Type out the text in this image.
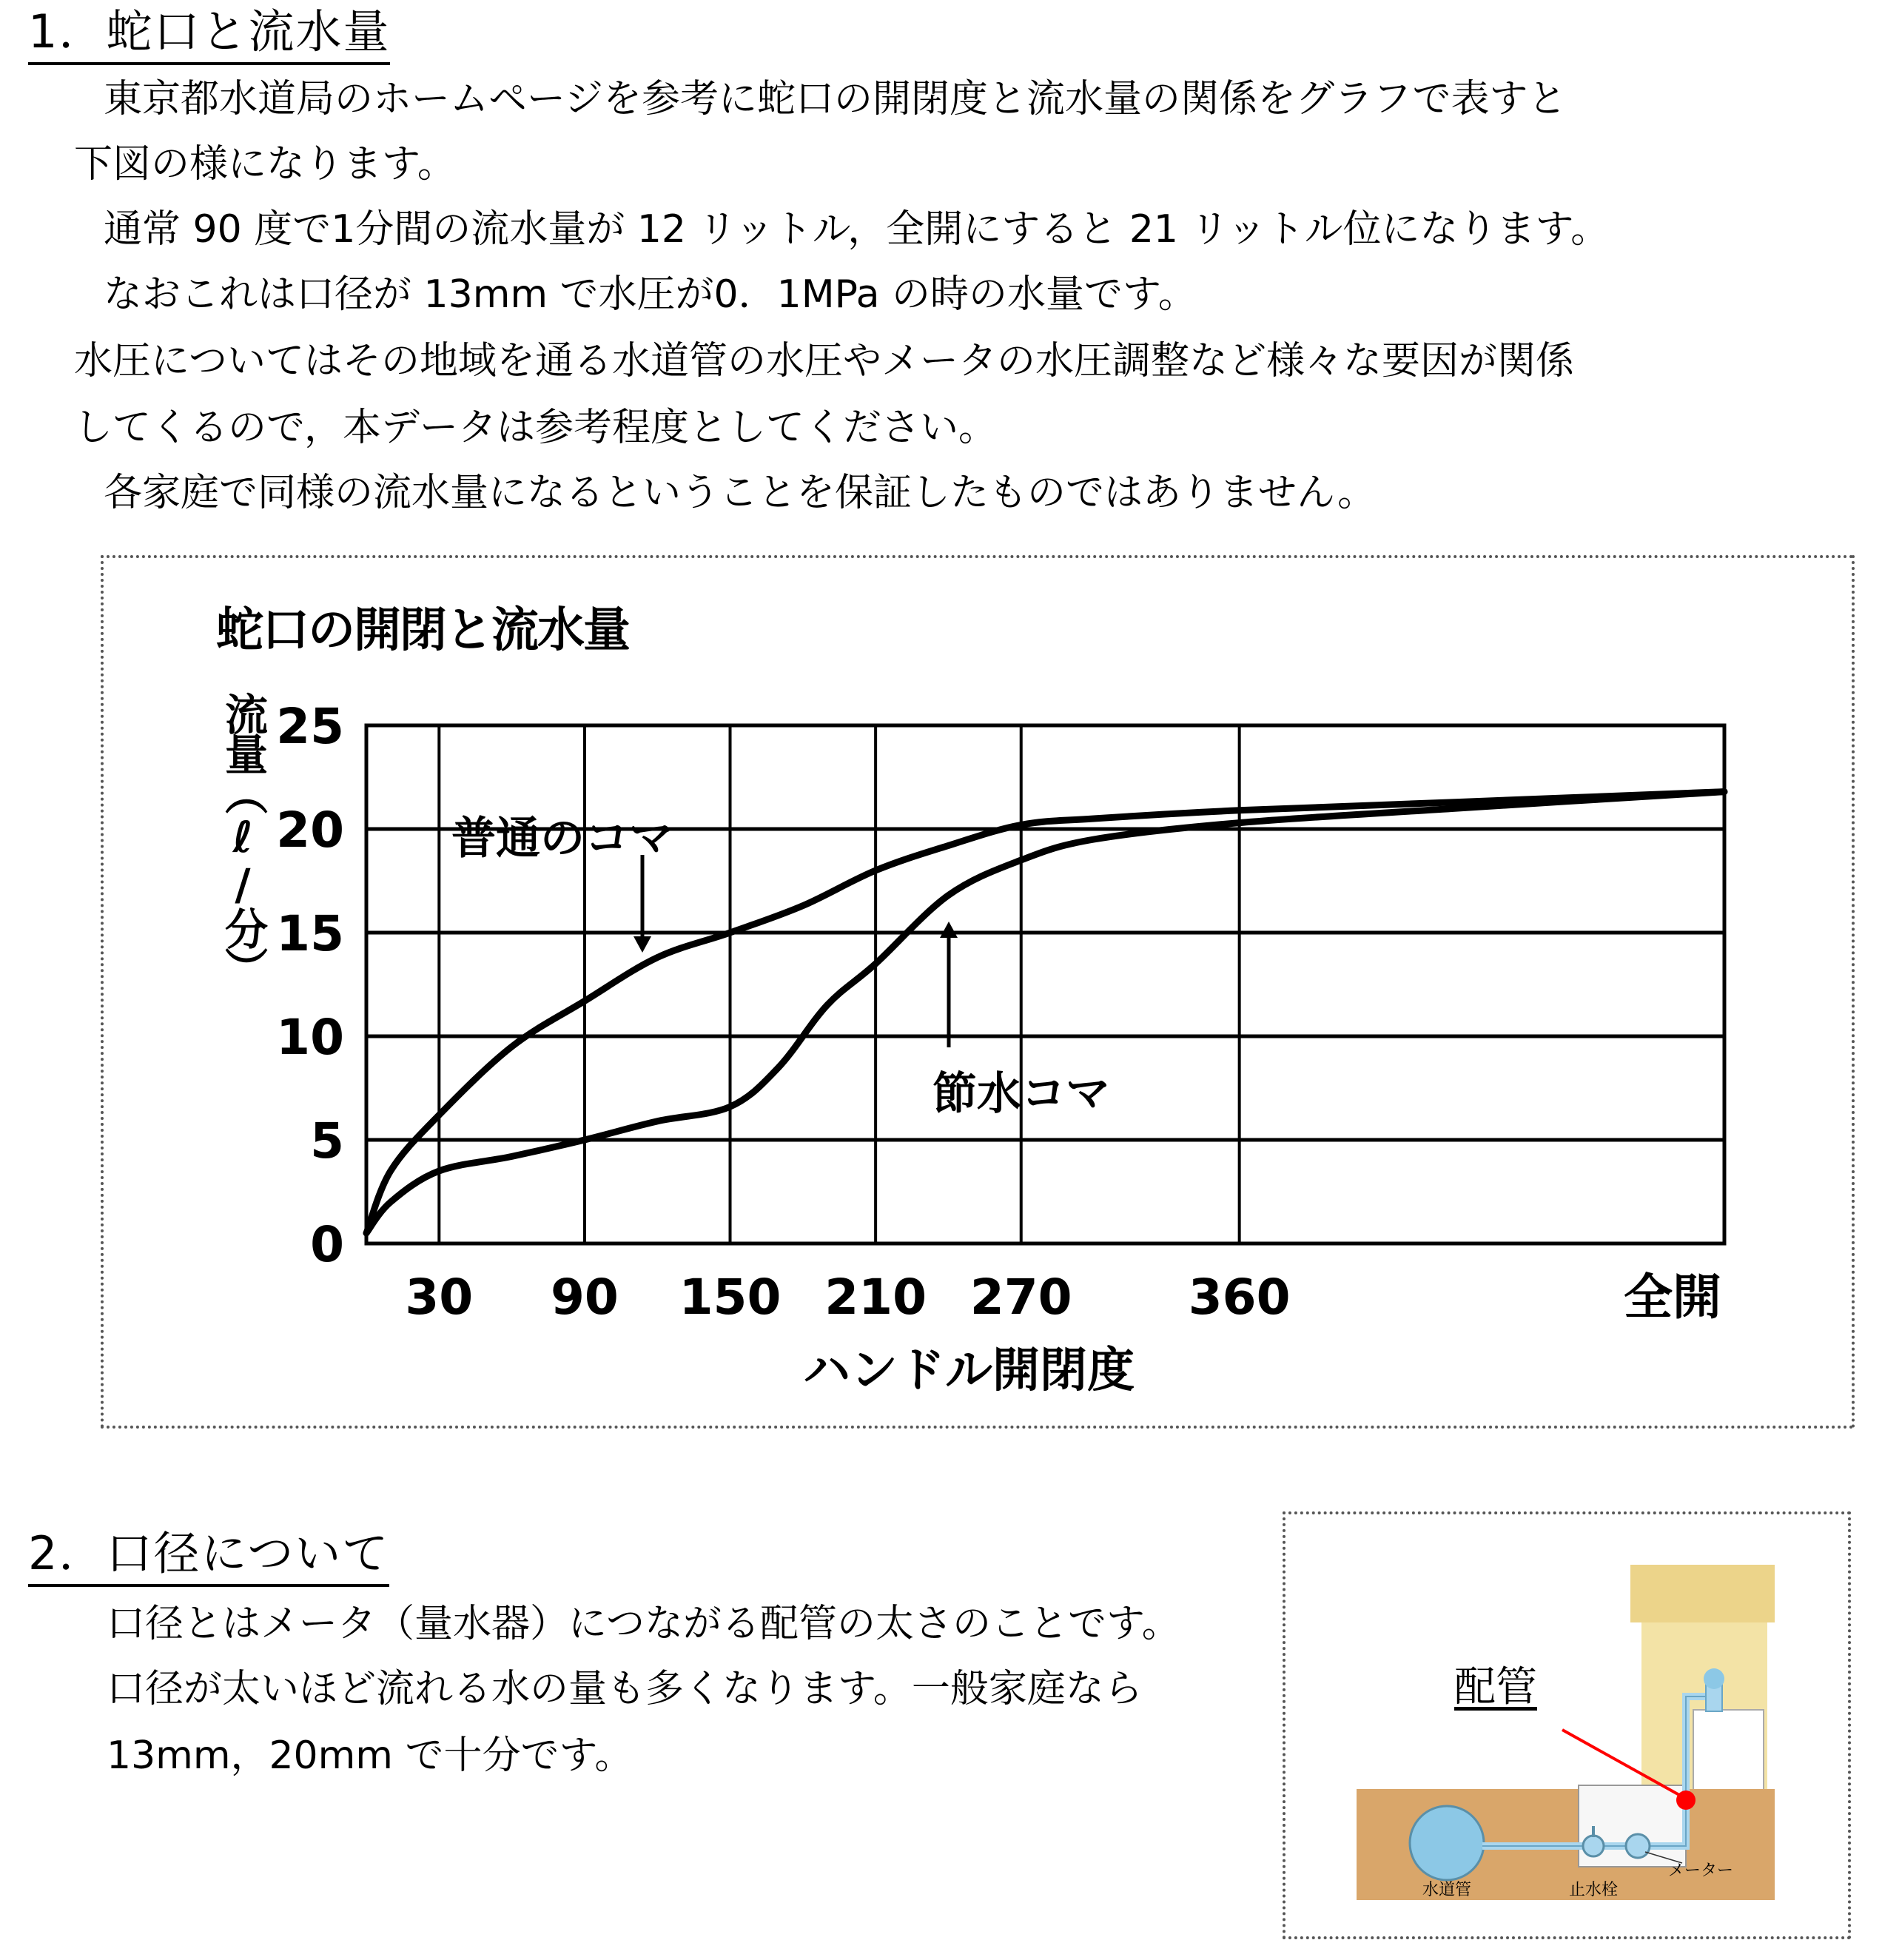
1．蛇口と流水量
東京都水道局のホームページを参考に蛇口の開閉度と流水量の関係をグラフで表すと
下図の様になります。
通常 90 度で1分間の流水量が 12 リットル，全開にすると 21 リットル位になります。
なおこれは口径が 13mm で水圧が0．1MPa の時の水量です。
水圧についてはその地域を通る水道管の水圧やメータの水圧調整など様々な要因が関係
してくるので，本データは参考程度としてください。
各家庭で同様の流水量になるということを保証したものではありません。
蛇口の開閉と流水量
流量（ℓ/分）
ハンドル開閉度
普通のコマ
節水コマ
0
5
10
15
20
25
30 90 150 210 270 360	全開
2．口径について
口径とはメータ（量水器）につながる配管の太さのことです。
口径が太いほど流れる水の量も多くなります。一般家庭なら
13mm，20mm で十分です。
配管
水道管	止水栓
メーター
